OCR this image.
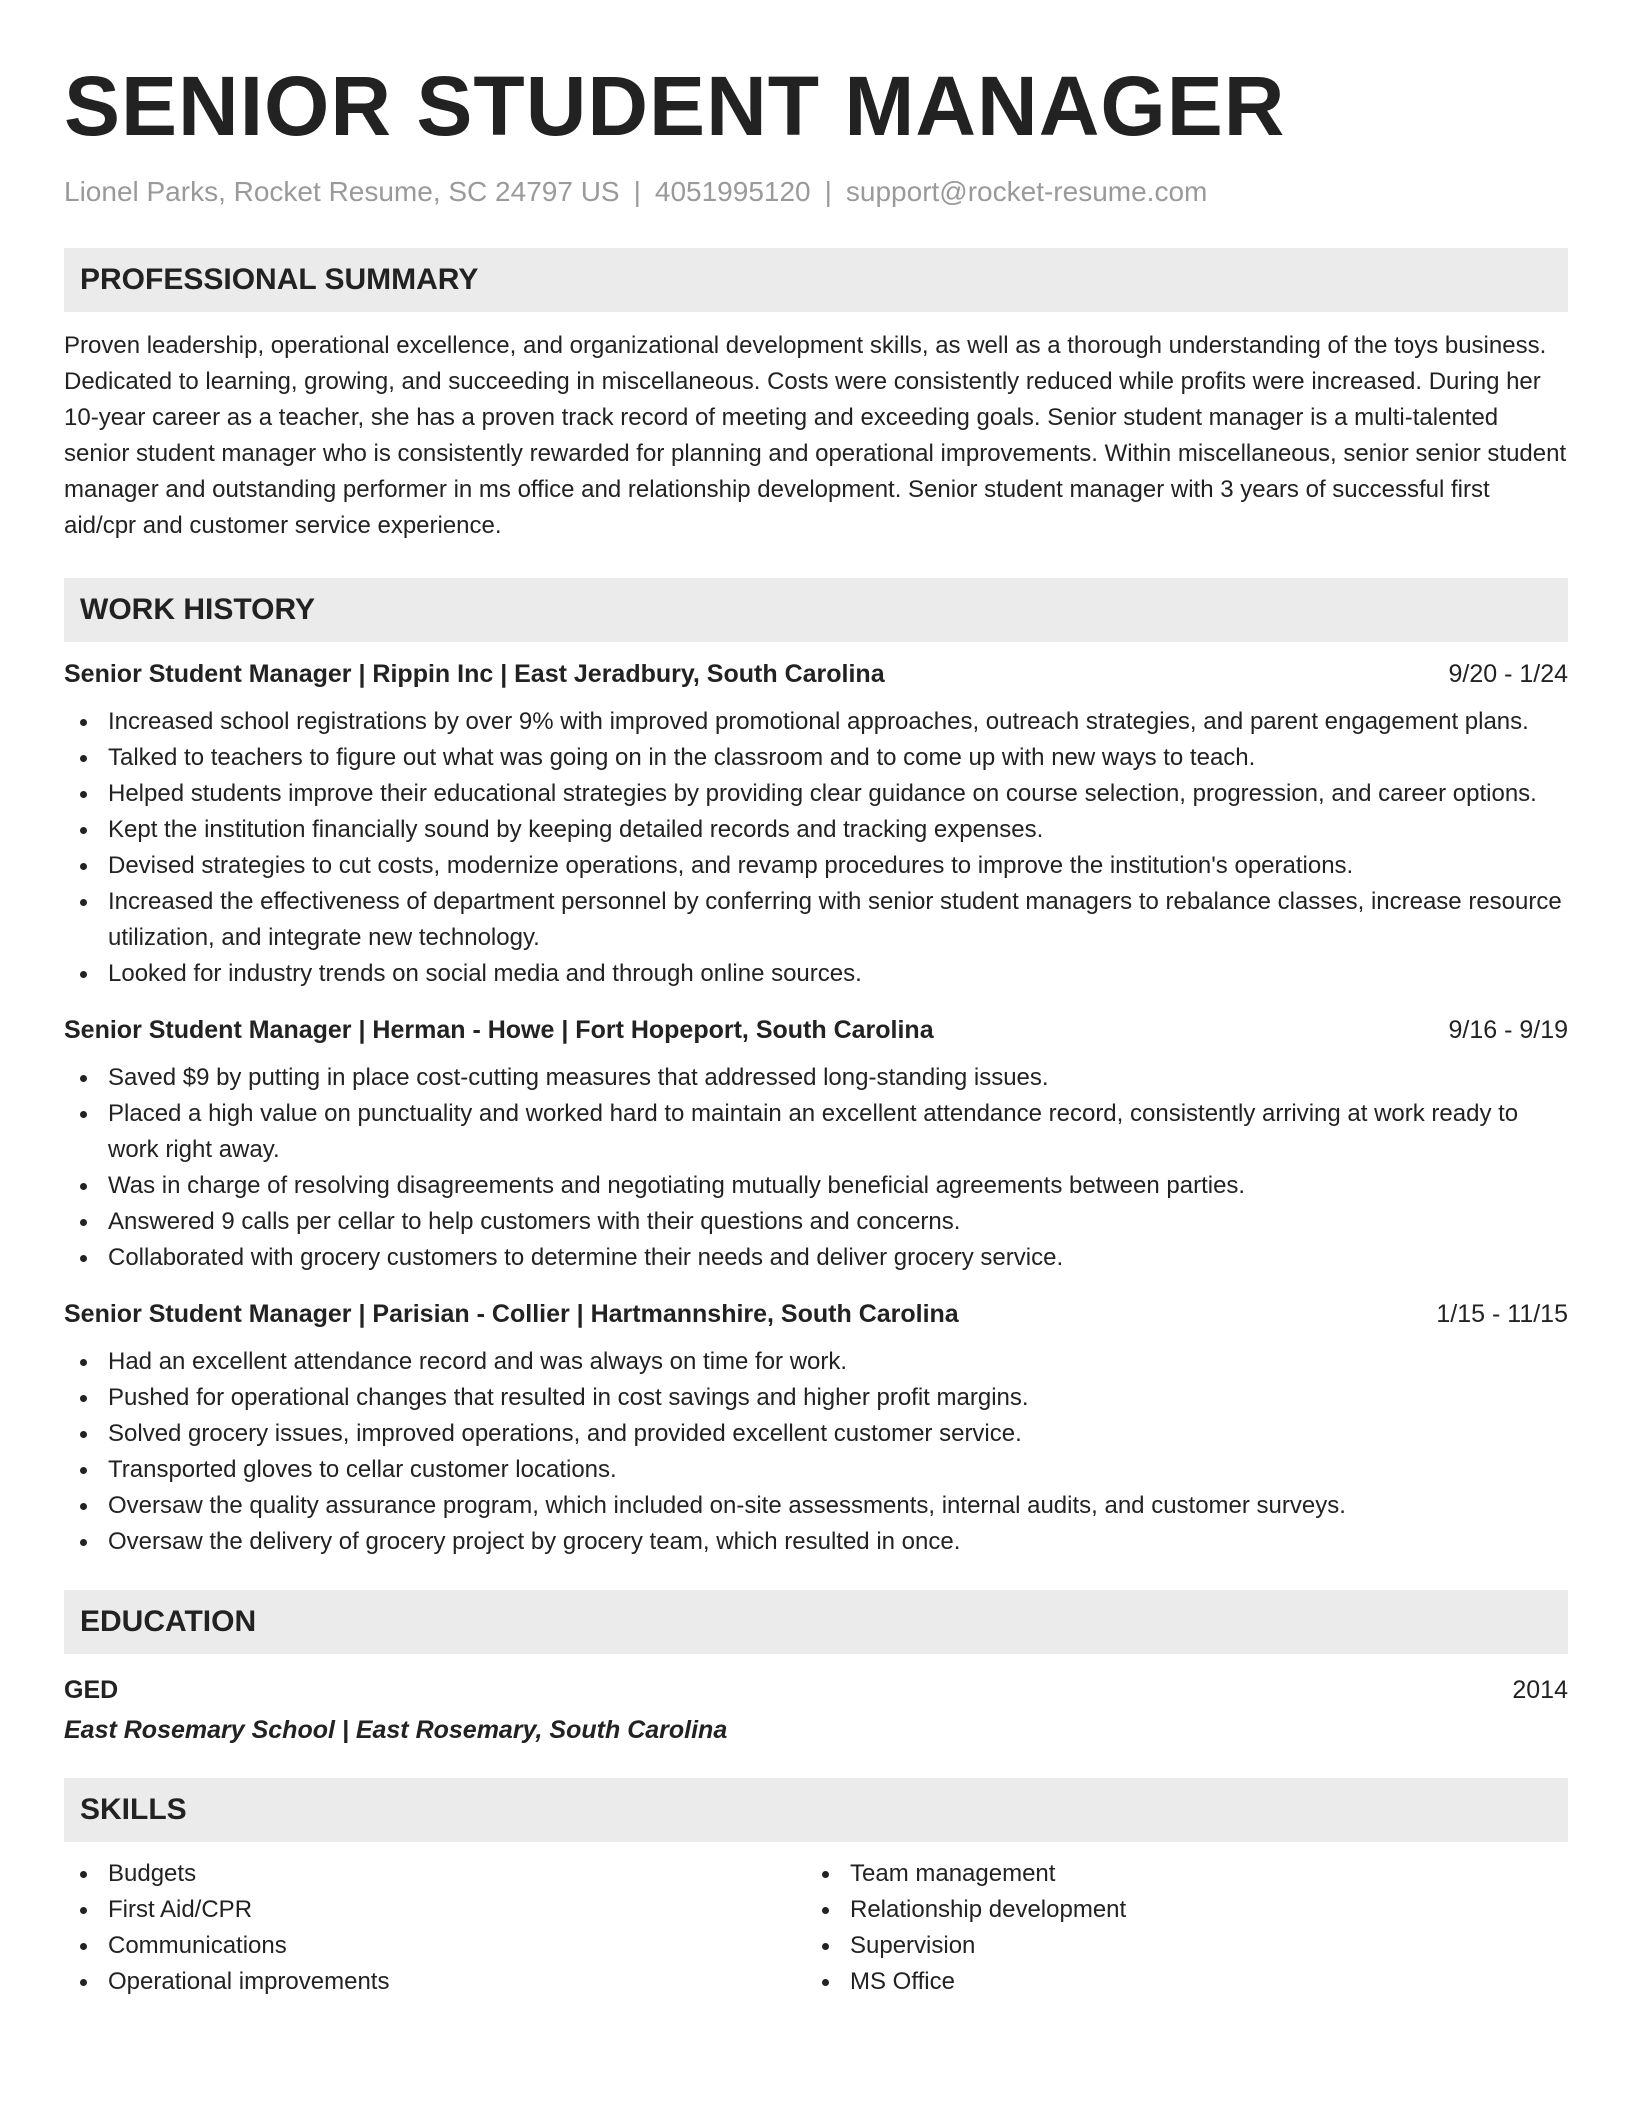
SENIOR STUDENT MANAGER
Lionel Parks, Rocket Resume, SC 24797 US | 4051995120 | support@rocket-resume.com
PROFESSIONAL SUMMARY

Proven leadership, operational excellence, and organizational development skills, as well as a thorough understanding of the toys business. Dedicated to learning, growing, and succeeding in miscellaneous. Costs were consistently reduced while profits were increased. During her 10-year career as a teacher, she has a proven track record of meeting and exceeding goals. Senior student manager is a multi-talented senior student manager who is consistently rewarded for planning and operational improvements. Within miscellaneous, senior senior student manager and outstanding performer in ms office and relationship development. Senior student manager with 3 years of successful first aid/cpr and customer service experience.

WORK HISTORY
Senior Student Manager | Rippin Inc | East Jeradbury, South Carolina	9/20 - 1/24
Increased school registrations by over 9% with improved promotional approaches, outreach strategies, and parent engagement plans.
Talked to teachers to figure out what was going on in the classroom and to come up with new ways to teach.
Helped students improve their educational strategies by providing clear guidance on course selection, progression, and career options.
Kept the institution financially sound by keeping detailed records and tracking expenses.
Devised strategies to cut costs, modernize operations, and revamp procedures to improve the institution's operations.
Increased the effectiveness of department personnel by conferring with senior student managers to rebalance classes, increase resource utilization, and integrate new technology.
Looked for industry trends on social media and through online sources.
Senior Student Manager | Herman - Howe | Fort Hopeport, South Carolina	9/16 - 9/19
Saved $9 by putting in place cost-cutting measures that addressed long-standing issues.
Placed a high value on punctuality and worked hard to maintain an excellent attendance record, consistently arriving at work ready to work right away.
Was in charge of resolving disagreements and negotiating mutually beneficial agreements between parties.
Answered 9 calls per cellar to help customers with their questions and concerns.
Collaborated with grocery customers to determine their needs and deliver grocery service.
Senior Student Manager | Parisian - Collier | Hartmannshire, South Carolina	1/15 - 11/15
Had an excellent attendance record and was always on time for work.
Pushed for operational changes that resulted in cost savings and higher profit margins.
Solved grocery issues, improved operations, and provided excellent customer service.
Transported gloves to cellar customer locations.
Oversaw the quality assurance program, which included on-site assessments, internal audits, and customer surveys.
Oversaw the delivery of grocery project by grocery team, which resulted in once.
EDUCATION
GED	2014
East Rosemary School | East Rosemary, South Carolina
SKILLS
Budgets
First Aid/CPR
Communications
Operational improvements
Team management
Relationship development
Supervision
MS Office
